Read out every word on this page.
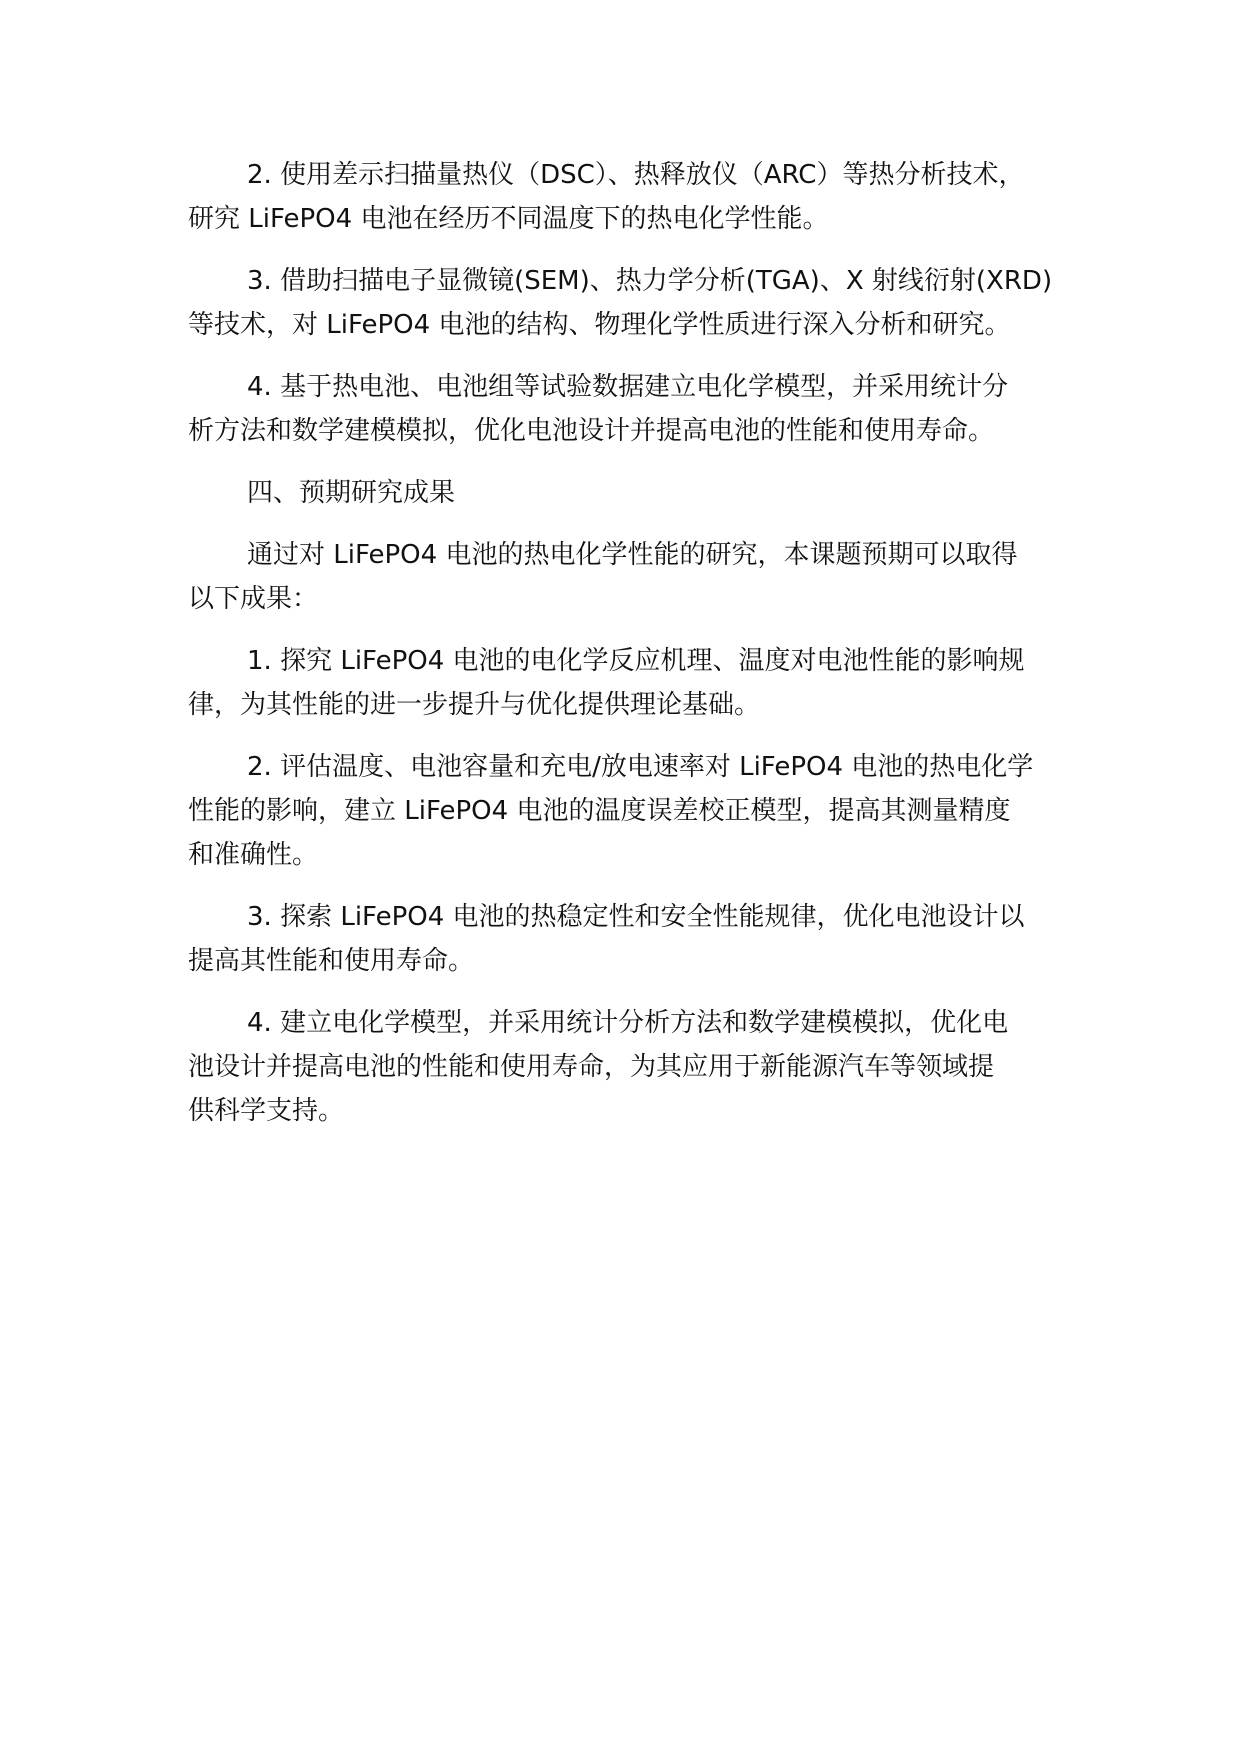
2. 使用差示扫描量热仪（DSC）、热释放仪（ARC）等热分析技术，
研究 LiFePO4 电池在经历不同温度下的热电化学性能。

3. 借助扫描电子显微镜(SEM)、热力学分析(TGA)、X 射线衍射(XRD)
等技术，对 LiFePO4 电池的结构、物理化学性质进行深入分析和研究。

4. 基于热电池、电池组等试验数据建立电化学模型，并采用统计分
析方法和数学建模模拟，优化电池设计并提高电池的性能和使用寿命。

四、预期研究成果

通过对 LiFePO4 电池的热电化学性能的研究，本课题预期可以取得
以下成果：

1. 探究 LiFePO4 电池的电化学反应机理、温度对电池性能的影响规
律，为其性能的进一步提升与优化提供理论基础。

2. 评估温度、电池容量和充电/放电速率对 LiFePO4 电池的热电化学
性能的影响，建立 LiFePO4 电池的温度误差校正模型，提高其测量精度
和准确性。

3. 探索 LiFePO4 电池的热稳定性和安全性能规律，优化电池设计以
提高其性能和使用寿命。

4. 建立电化学模型，并采用统计分析方法和数学建模模拟，优化电
池设计并提高电池的性能和使用寿命，为其应用于新能源汽车等领域提
供科学支持。
